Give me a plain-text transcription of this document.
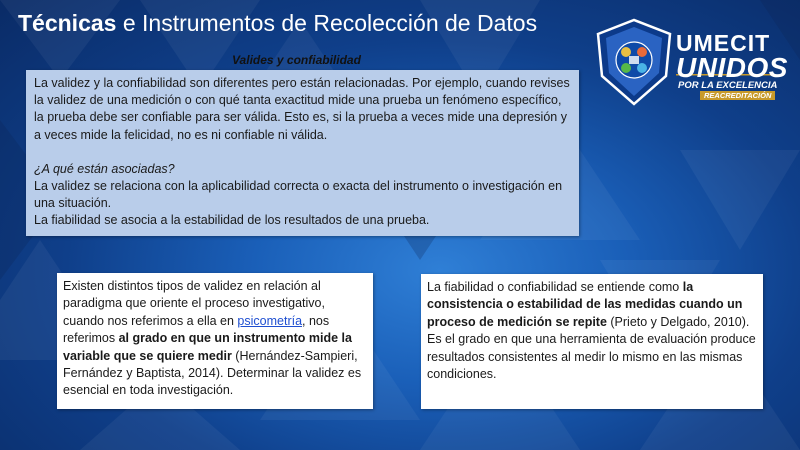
Técnicas e Instrumentos de Recolección de Datos
Valides y confiabilidad
UMECIT
UNIDOS
POR LA EXCELENCIA
REACREDITACIÓN

La validez y la confiabilidad son diferentes pero están relacionadas. Por ejemplo, cuando revises la validez de una medición o con qué tanta exactitud mide una prueba un fenómeno específico, la prueba debe ser confiable para ser válida. Esto es, si la prueba a veces mide una depresión y a veces mide la felicidad, no es ni confiable ni válida.

¿A qué están asociadas?

La validez se relaciona con la aplicabilidad correcta o exacta del instrumento o investigación en una situación.

La fiabilidad se asocia a la estabilidad de los resultados de una prueba.

Existen distintos tipos de validez en relación al paradigma que oriente el proceso investigativo, cuando nos referimos a ella en psicometría, nos referimos al grado en que un instrumento mide la variable que se quiere medir (Hernández-Sampieri, Fernández y Baptista, 2014). Determinar la validez es esencial en toda investigación.

La fiabilidad o confiabilidad se entiende como la consistencia o estabilidad de las medidas cuando un proceso de medición se repite (Prieto y Delgado, 2010).

Es el grado en que una herramienta de evaluación produce resultados consistentes al medir lo mismo en las mismas condiciones.
